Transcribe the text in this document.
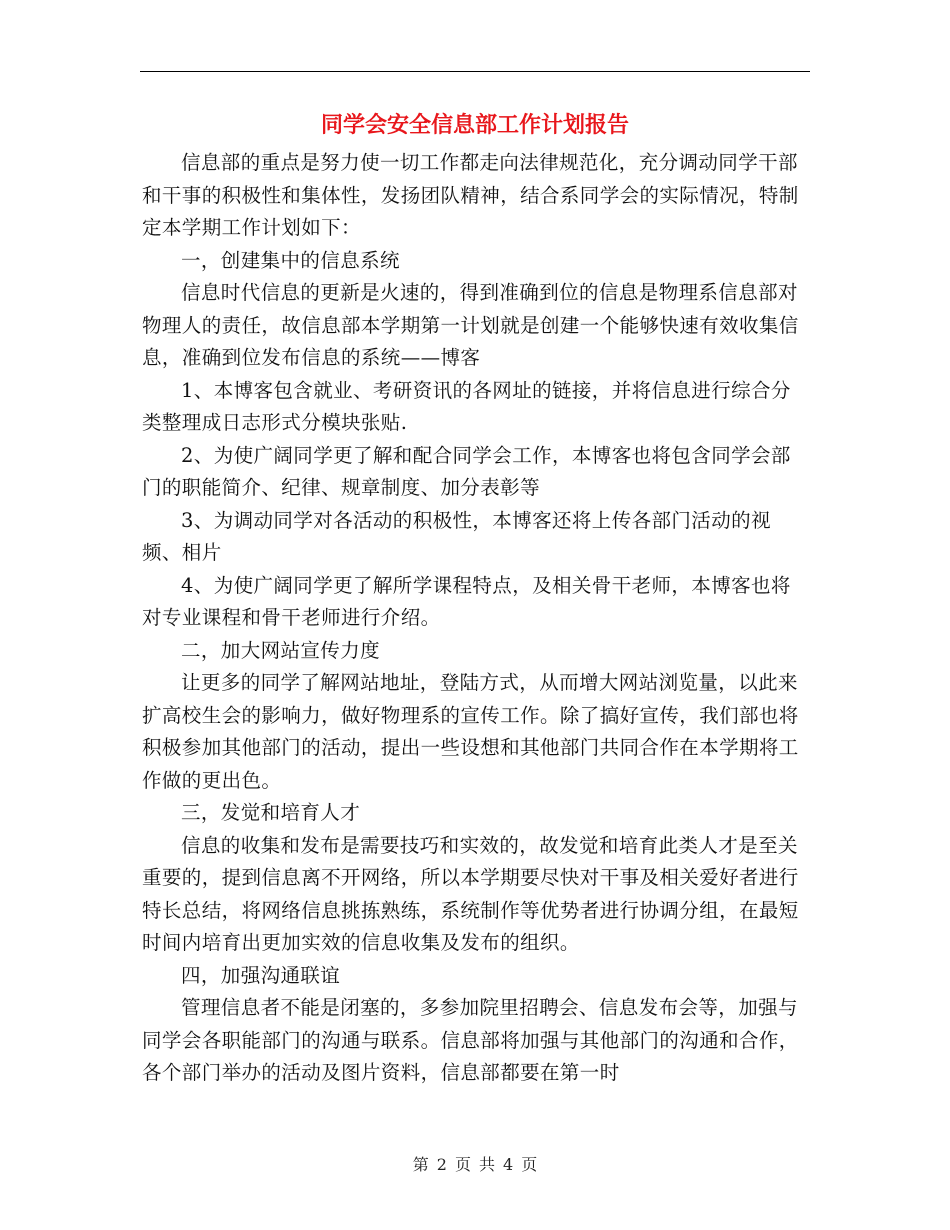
同学会安全信息部工作计划报告

信息部的重点是努力使一切工作都走向法律规范化，充分调动同学干部和干事的积极性和集体性，发扬团队精神，结合系同学会的实际情况，特制定本学期工作计划如下：

一，创建集中的信息系统

信息时代信息的更新是火速的，得到准确到位的信息是物理系信息部对物理人的责任，故信息部本学期第一计划就是创建一个能够快速有效收集信息，准确到位发布信息的系统——博客

1、本博客包含就业、考研资讯的各网址的链接，并将信息进行综合分类整理成日志形式分模块张贴.

2、为使广阔同学更了解和配合同学会工作，本博客也将包含同学会部门的职能简介、纪律、规章制度、加分表彰等

3、为调动同学对各活动的积极性，本博客还将上传各部门活动的视频、相片

4、为使广阔同学更了解所学课程特点，及相关骨干老师，本博客也将对专业课程和骨干老师进行介绍。

二，加大网站宣传力度

让更多的同学了解网站地址，登陆方式，从而增大网站浏览量，以此来扩高校生会的影响力，做好物理系的宣传工作。除了搞好宣传，我们部也将积极参加其他部门的活动，提出一些设想和其他部门共同合作在本学期将工作做的更出色。

三，发觉和培育人才

信息的收集和发布是需要技巧和实效的，故发觉和培育此类人才是至关重要的，提到信息离不开网络，所以本学期要尽快对干事及相关爱好者进行特长总结，将网络信息挑拣熟练，系统制作等优势者进行协调分组，在最短时间内培育出更加实效的信息收集及发布的组织。

四，加强沟通联谊

管理信息者不能是闭塞的，多参加院里招聘会、信息发布会等，加强与同学会各职能部门的沟通与联系。信息部将加强与其他部门的沟通和合作，各个部门举办的活动及图片资料，信息部都要在第一时

第 2 页 共 4 页
